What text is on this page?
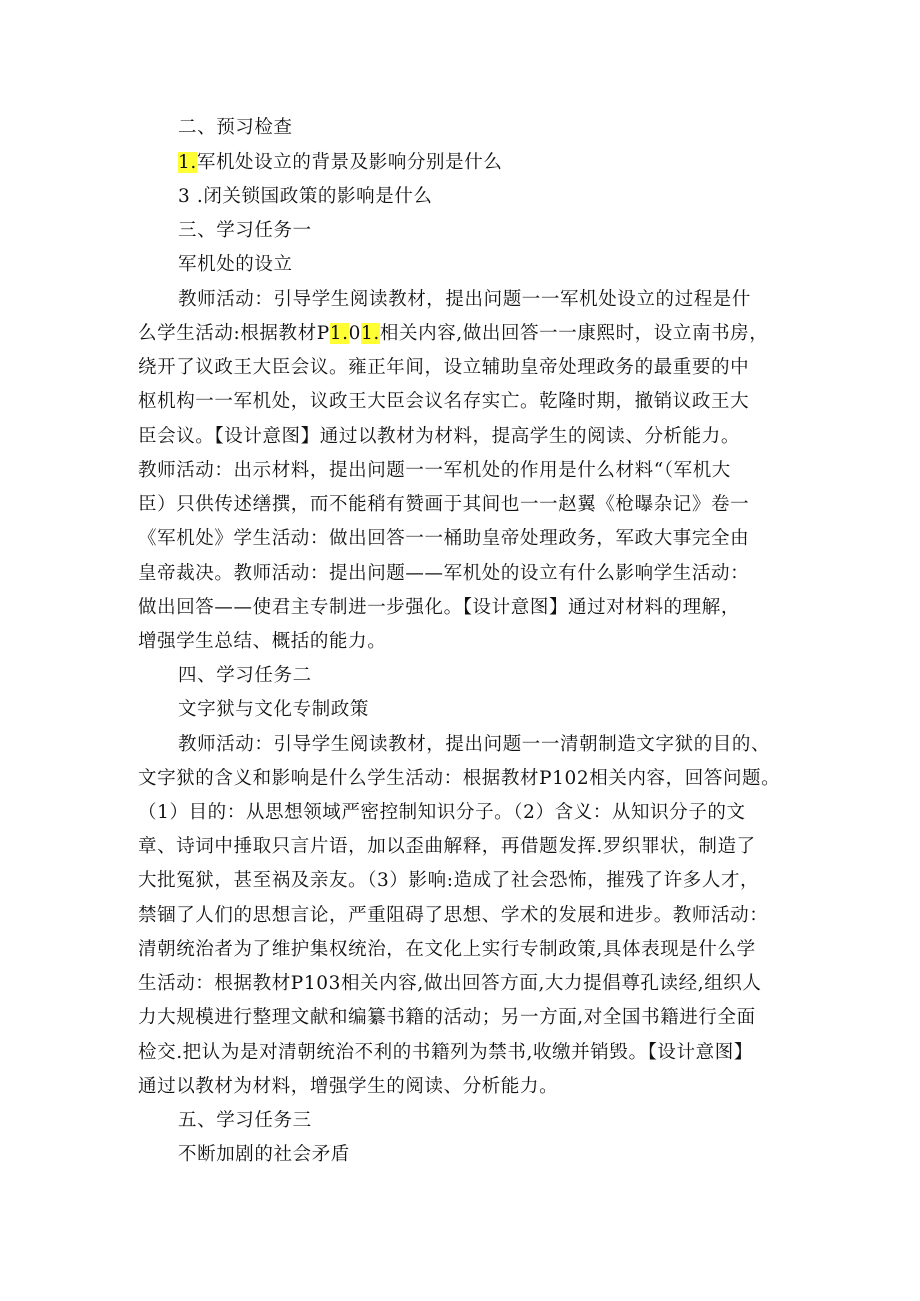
二、预习检查
1.军机处设立的背景及影响分别是什么
3 .闭关锁国政策的影响是什么
三、学习任务一
军机处的设立
教师活动：引导学生阅读教材，提出问题一一军机处设立的过程是什
么学生活动:根据教材P1.01.相关内容,做出回答一一康熙时，设立南书房，
绕开了议政王大臣会议。雍正年间，设立辅助皇帝处理政务的最重要的中
枢机构一一军机处，议政王大臣会议名存实亡。乾隆时期，撤销议政王大
臣会议。【设计意图】通过以教材为材料，提高学生的阅读、分析能力。
教师活动：出示材料，提出问题一一军机处的作用是什么材料“（军机大
臣）只供传述缮撰，而不能稍有赞画于其间也一一赵翼《枪曝杂记》卷一
《军机处》学生活动：做出回答一一桶助皇帝处理政务，军政大事完全由
皇帝裁决。教师活动：提出问题——军机处的设立有什么影响学生活动：
做出回答——使君主专制进一步强化。【设计意图】通过对材料的理解，
增强学生总结、概括的能力。
四、学习任务二
文字狱与文化专制政策
教师活动：引导学生阅读教材，提出问题一一清朝制造文字狱的目的、
文字狱的含义和影响是什么学生活动：根据教材P102相关内容，回答问题。
（1）目的：从思想领域严密控制知识分子。（2）含义：从知识分子的文
章、诗词中捶取只言片语，加以歪曲解释，再借题发挥.罗织罪状，制造了
大批冤狱，甚至祸及亲友。（3）影响:造成了社会恐怖，摧残了许多人才，
禁锢了人们的思想言论，严重阻碍了思想、学术的发展和进步。教师活动：
清朝统治者为了维护集权统治，在文化上实行专制政策,具体表现是什么学
生活动：根据教材P103相关内容,做出回答方面,大力提倡尊孔读经,组织人
力大规模进行整理文献和编纂书籍的活动；另一方面,对全国书籍进行全面
检交.把认为是对清朝统治不利的书籍列为禁书,收缴并销毁。【设计意图】
通过以教材为材料，增强学生的阅读、分析能力。
五、学习任务三
不断加剧的社会矛盾
